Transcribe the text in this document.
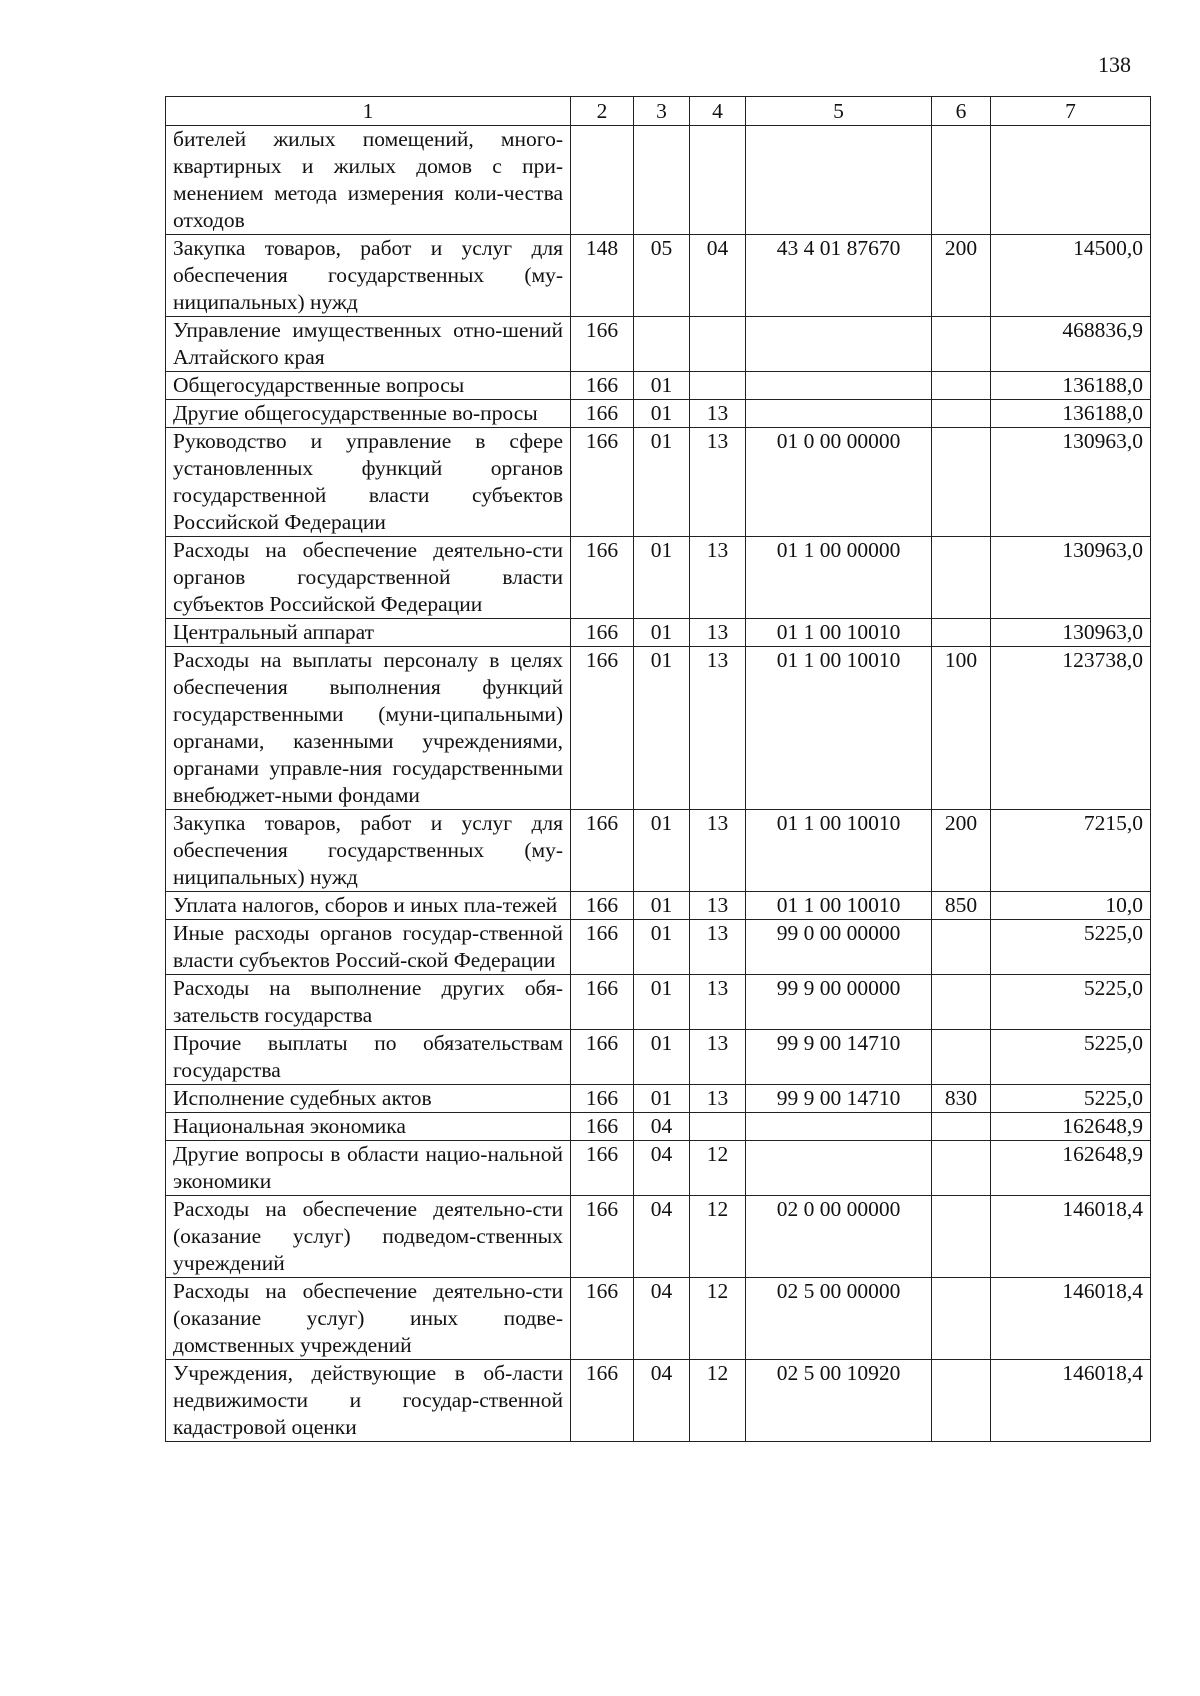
138
1	2	3	4	5	6	7
бителей жилых помещений, много-квартирных и жилых домов с при-менением метода измерения коли-чества отходов						
Закупка товаров, работ и услуг для обеспечения государственных (му-ниципальных) нужд	148	05	04	43 4 01 87670	200	14500,0
Управление имущественных отно-шений Алтайского края	166					468836,9
Общегосударственные вопросы	166	01				136188,0
Другие общегосударственные во-просы	166	01	13			136188,0
Руководство и управление в сфере установленных функций органов государственной власти субъектов Российской Федерации	166	01	13	01 0 00 00000		130963,0
Расходы на обеспечение деятельно-сти органов государственной власти субъектов Российской Федерации	166	01	13	01 1 00 00000		130963,0
Центральный аппарат	166	01	13	01 1 00 10010		130963,0
Расходы на выплаты персоналу в целях обеспечения выполнения функций государственными (муни-ципальными) органами, казенными учреждениями, органами управле-ния государственными внебюджет-ными фондами	166	01	13	01 1 00 10010	100	123738,0
Закупка товаров, работ и услуг для обеспечения государственных (му-ниципальных) нужд	166	01	13	01 1 00 10010	200	7215,0
Уплата налогов, сборов и иных пла-тежей	166	01	13	01 1 00 10010	850	10,0
Иные расходы органов государ-ственной власти субъектов Россий-ской Федерации	166	01	13	99 0 00 00000		5225,0
Расходы на выполнение других обя-зательств государства	166	01	13	99 9 00 00000		5225,0
Прочие выплаты по обязательствам государства	166	01	13	99 9 00 14710		5225,0
Исполнение судебных актов	166	01	13	99 9 00 14710	830	5225,0
Национальная экономика	166	04				162648,9
Другие вопросы в области нацио-нальной экономики	166	04	12			162648,9
Расходы на обеспечение деятельно-сти (оказание услуг) подведом-ственных учреждений	166	04	12	02 0 00 00000		146018,4
Расходы на обеспечение деятельно-сти (оказание услуг) иных подве-домственных учреждений	166	04	12	02 5 00 00000		146018,4
Учреждения, действующие в об-ласти недвижимости и государ-ственной кадастровой оценки	166	04	12	02 5 00 10920		146018,4
